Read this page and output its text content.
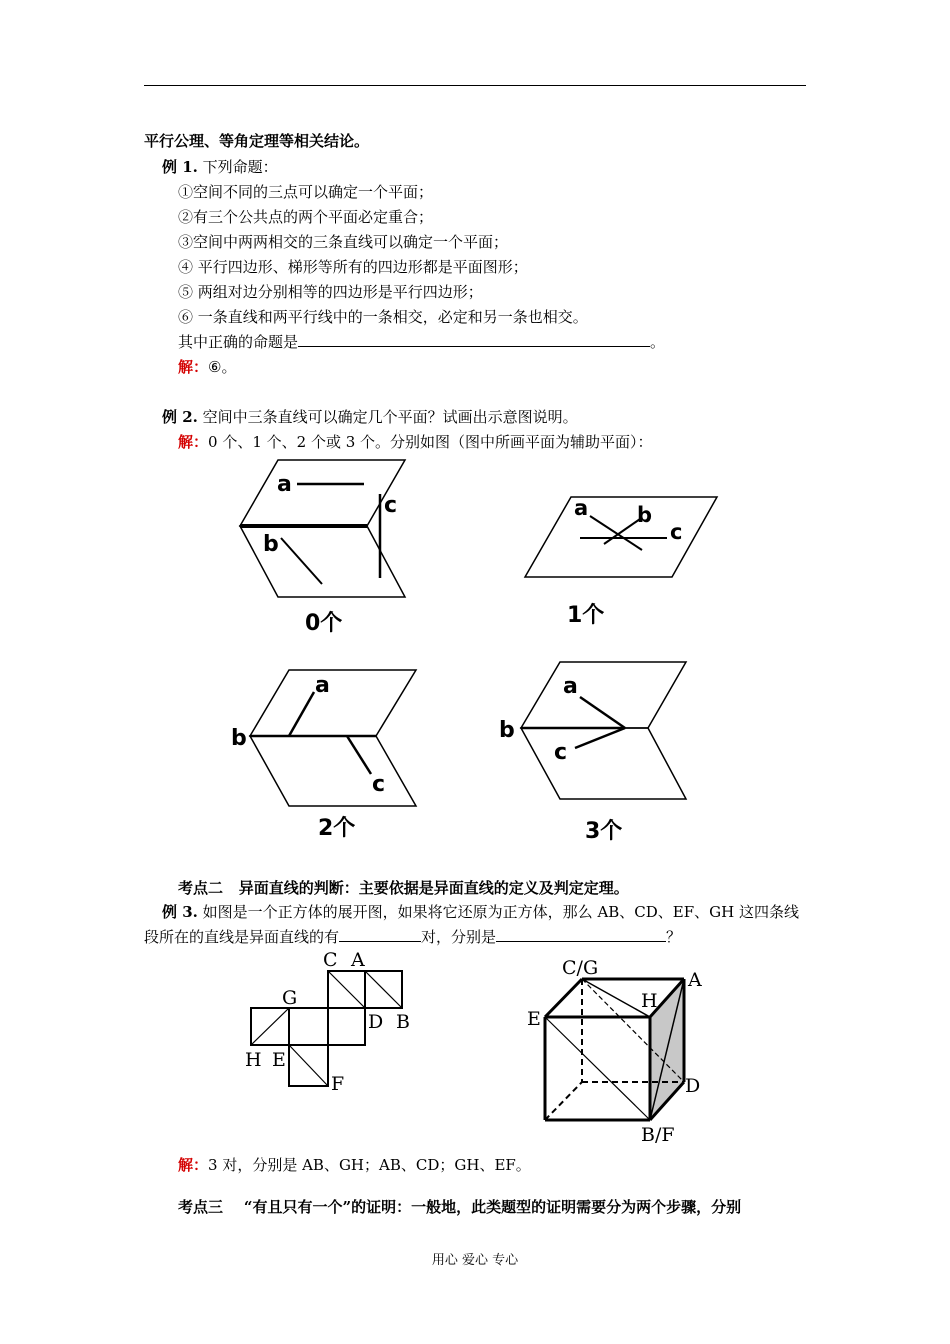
平行公理、等角定理等相关结论。
例 1. 下列命题：
①空间不同的三点可以确定一个平面；
②有三个公共点的两个平面必定重合；
③空间中两两相交的三条直线可以确定一个平面；
④ 平行四边形、梯形等所有的四边形都是平面图形；
⑤ 两组对边分别相等的四边形是平行四边形；
⑥ 一条直线和两平行线中的一条相交，必定和另一条也相交。
其中正确的命题是	。
解：⑥。
例 2. 空间中三条直线可以确定几个平面？试画出示意图说明。
解：0 个、1 个、2 个或 3 个。分别如图（图中所画平面为辅助平面）：
a
b
c
0个
a b
c
1个
a
b
c
2个
a
b
c
3个
C A
G
D B
H E
F
C/G
A
H
E
D
B/F
考点二 异面直线的判断：主要依据是异面直线的定义及判定定理。
例 3. 如图是一个正方体的展开图，如果将它还原为正方体，那么 AB、CD、EF、GH 这四条线
段所在的直线是异面直线的有	对，分别是	？
解：3 对，分别是 AB、GH；AB、CD；GH、EF。
考点三 “有且只有一个”的证明：一般地，此类题型的证明需要分为两个步骤，分别
用心 爱心 专心
